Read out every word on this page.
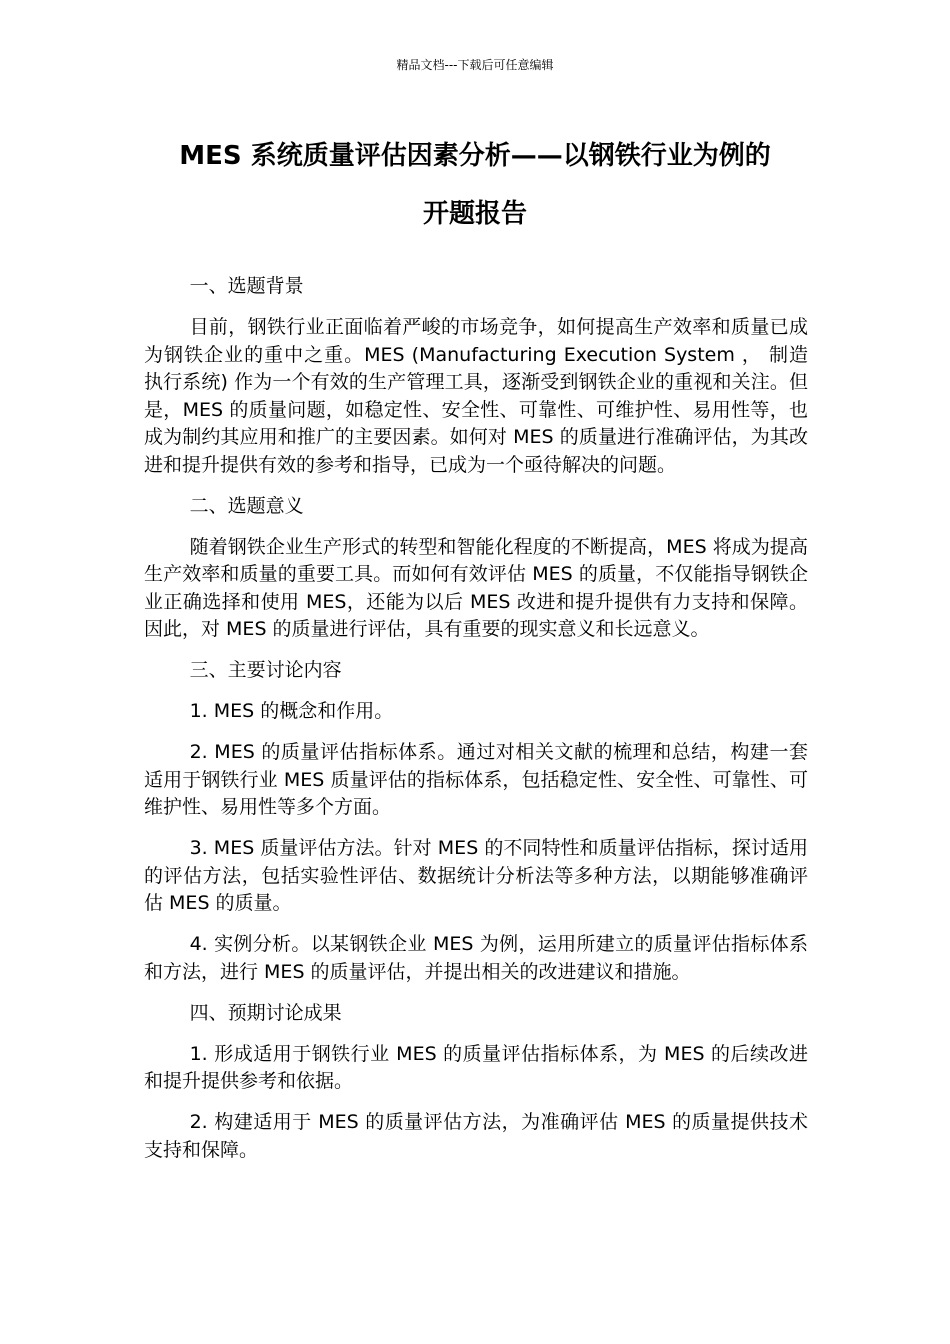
精品文档---下载后可任意编辑
MES 系统质量评估因素分析——以钢铁行业为例的
开题报告

一、选题背景

目前，钢铁行业正面临着严峻的市场竞争，如何提高生产效率和质量已成为钢铁企业的重中之重。MES (Manufacturing Execution System ， 制造执行系统) 作为一个有效的生产管理工具，逐渐受到钢铁企业的重视和关注。但是，MES 的质量问题，如稳定性、安全性、可靠性、可维护性、易用性等，也成为制约其应用和推广的主要因素。如何对 MES 的质量进行准确评估，为其改进和提升提供有效的参考和指导，已成为一个亟待解决的问题。

二、选题意义

随着钢铁企业生产形式的转型和智能化程度的不断提高，MES 将成为提高生产效率和质量的重要工具。而如何有效评估 MES 的质量，不仅能指导钢铁企业正确选择和使用 MES，还能为以后 MES 改进和提升提供有力支持和保障。因此，对 MES 的质量进行评估，具有重要的现实意义和长远意义。

三、主要讨论内容

1. MES 的概念和作用。

2. MES 的质量评估指标体系。通过对相关文献的梳理和总结，构建一套适用于钢铁行业 MES 质量评估的指标体系，包括稳定性、安全性、可靠性、可维护性、易用性等多个方面。

3. MES 质量评估方法。针对 MES 的不同特性和质量评估指标，探讨适用的评估方法，包括实验性评估、数据统计分析法等多种方法，以期能够准确评估 MES 的质量。

4. 实例分析。以某钢铁企业 MES 为例，运用所建立的质量评估指标体系和方法，进行 MES 的质量评估，并提出相关的改进建议和措施。

四、预期讨论成果

1. 形成适用于钢铁行业 MES 的质量评估指标体系，为 MES 的后续改进和提升提供参考和依据。

2. 构建适用于 MES 的质量评估方法，为准确评估 MES 的质量提供技术支持和保障。
